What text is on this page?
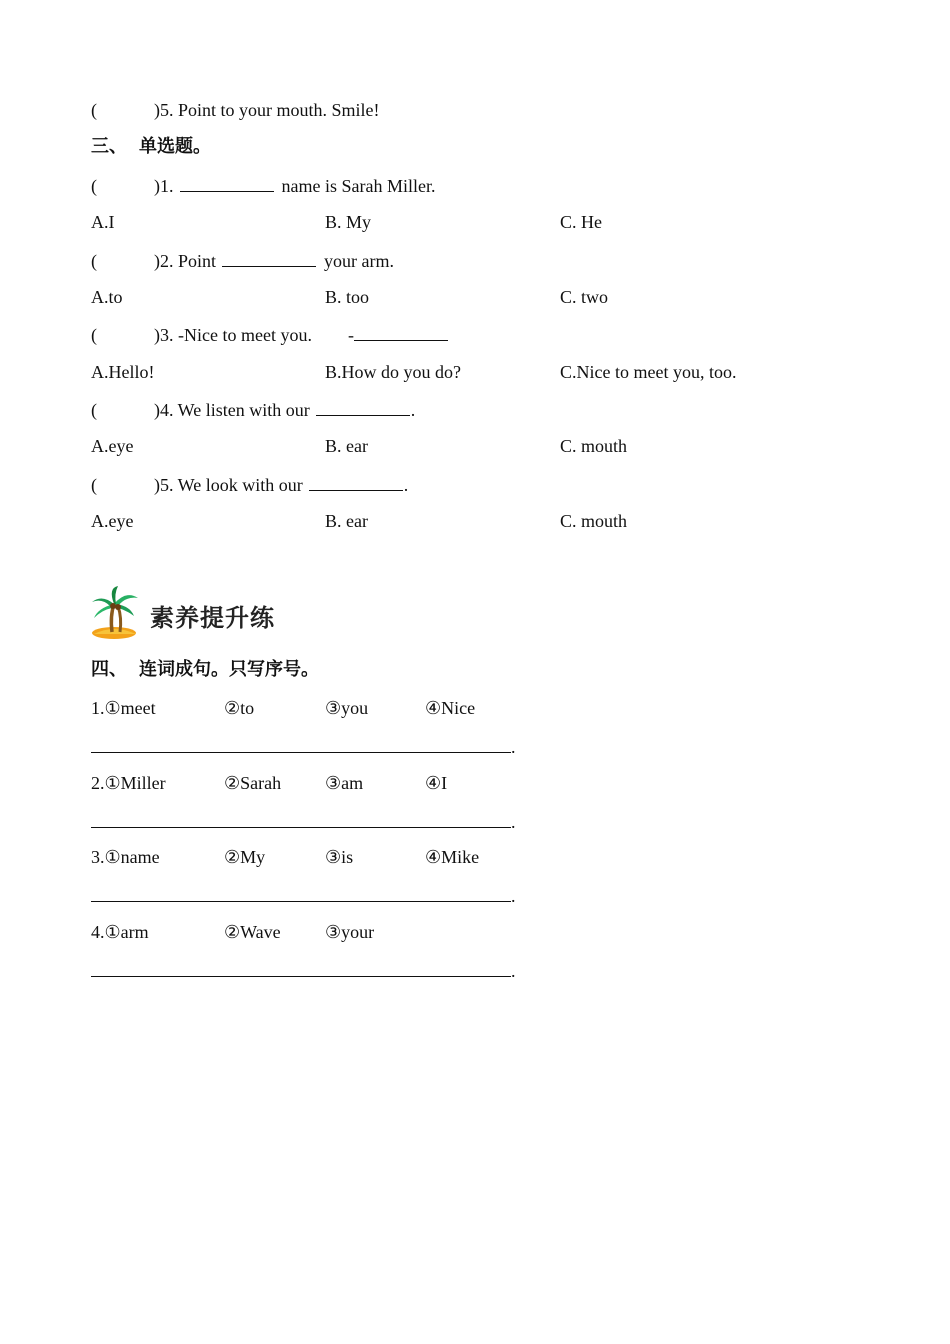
(	)5. Point to your mouth. Smile!
三、 单选题。
(	)1.	name is Sarah Miller.
A.I	B. My	C. He
(	)2. Point	your arm.
A.to	B. too	C. two
(	)3. -Nice to meet you. -
A.Hello!	B.How do you do?	C.Nice to meet you, too.
(	)4. We listen with our	.
A.eye	B. ear	C. mouth
(	)5. We look with our	.
A.eye	B. ear	C. mouth
素养提升练
四、 连词成句。只写序号。
1.①meet	②to	③you	④Nice
.
2.①Miller	②Sarah ③am	④I
.
3.①name	②My	③is	④Mike
.
4.①arm	②Wave ③your
.
